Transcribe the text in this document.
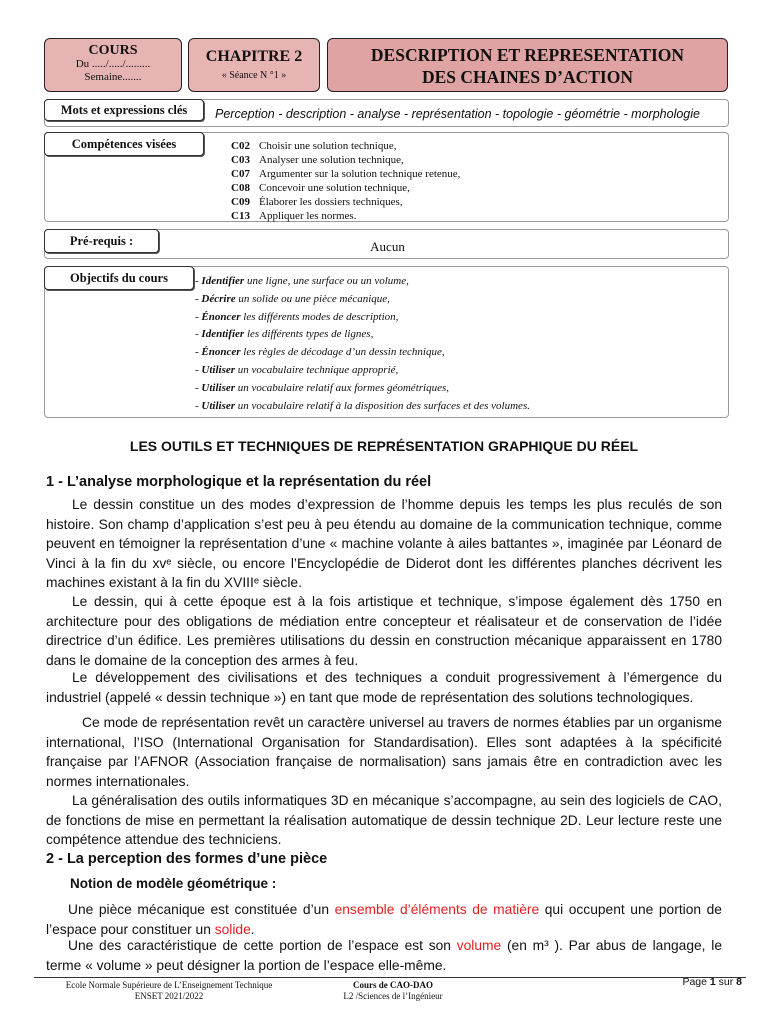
COURS
Du ...../...../.........
Semaine.......
CHAPITRE 2
« Séance N °1 »
DESCRIPTION ET REPRESENTATION
DES CHAINES D’ACTION
Perception - description - analyse - représentation - topologie - géométrie - morphologie
Mots et expressions clés
C02 Choisir une solution technique,
C03 Analyser une solution technique,
C07 Argumenter sur la solution technique retenue,
C08 Concevoir une solution technique,
C09 Élaborer les dossiers techniques,
C13 Appliquer les normes.
Compétences visées
Aucun
Pré-requis :
- Identifier une ligne, une surface ou un volume,
- Décrire un solide ou une pièce mécanique,
- Énoncer les différents modes de description,
- Identifier les différents types de lignes,
- Énoncer les règles de décodage d’un dessin technique,
- Utiliser un vocabulaire technique approprié,
- Utiliser un vocabulaire relatif aux formes géométriques,
- Utiliser un vocabulaire relatif à la disposition des surfaces et des volumes.
Objectifs du cours
LES OUTILS ET TECHNIQUES DE REPRÉSENTATION GRAPHIQUE DU RÉEL
1 - L’analyse morphologique et la représentation du réel
Le dessin constitue un des modes d’expression de l’homme depuis les temps les plus reculés de son histoire. Son champ d’application s’est peu à peu étendu au domaine de la communication technique, comme peuvent en témoigner la représentation d’une « machine volante à ailes battantes », imaginée par Léonard de Vinci à la fin du xvᵉ siècle, ou encore l’Encyclopédie de Diderot dont les différentes planches décrivent les machines existant à la fin du XVIIIᵉ siècle.
Le dessin, qui à cette époque est à la fois artistique et technique, s’impose également dès 1750 en architecture pour des obligations de médiation entre concepteur et réalisateur et de conservation de l’idée directrice d’un édifice. Les premières utilisations du dessin en construction mécanique apparaissent en 1780 dans le domaine de la conception des armes à feu.
Le développement des civilisations et des techniques a conduit progressivement à l’émergence du industriel (appelé « dessin technique ») en tant que mode de représentation des solutions technologiques.
Ce mode de représentation revêt un caractère universel au travers de normes établies par un organisme international, l’ISO (International Organisation for Standardisation). Elles sont adaptées à la spécificité française par l’AFNOR (Association française de normalisation) sans jamais être en contradiction avec les normes internationales.
La généralisation des outils informatiques 3D en mécanique s’accompagne, au sein des logiciels de CAO, de fonctions de mise en permettant la réalisation automatique de dessin technique 2D. Leur lecture reste une compétence attendue des techniciens.
2 - La perception des formes d’une pièce
Notion de modèle géométrique :
Une pièce mécanique est constituée d’un ensemble d’éléments de matière qui occupent une portion de l’espace pour constituer un solide.
Une des caractéristique de cette portion de l’espace est son volume (en m³ ). Par abus de langage, le terme « volume » peut désigner la portion de l’espace elle-même.
Ecole Normale Supérieure de L’Enseignement Technique
ENSET 2021/2022
Cours de CAO-DAO
L2 /Sciences de l’Ingénieur
Page 1 sur 8
